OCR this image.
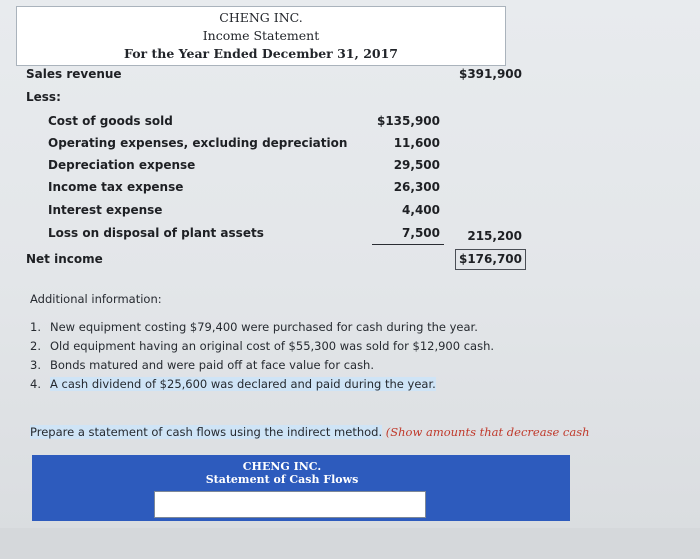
CHENG INC.
Income Statement
For the Year Ended December 31, 2017
Sales revenue	$391,900
Less:
Cost of goods sold	$135,900
Operating expenses, excluding depreciation	11,600
Depreciation expense	29,500
Income tax expense	26,300
Interest expense	4,400
Loss on disposal of plant assets	7,500	215,200
Net income	$176,700
Additional information:
1. New equipment costing $79,400 were purchased for cash during the year.
2. Old equipment having an original cost of $55,300 was sold for $12,900 cash.
3. Bonds matured and were paid off at face value for cash.
4. A cash dividend of $25,600 was declared and paid during the year.
Prepare a statement of cash flows using the indirect method. (Show amounts that decrease cash
CHENG INC.
Statement of Cash Flows
